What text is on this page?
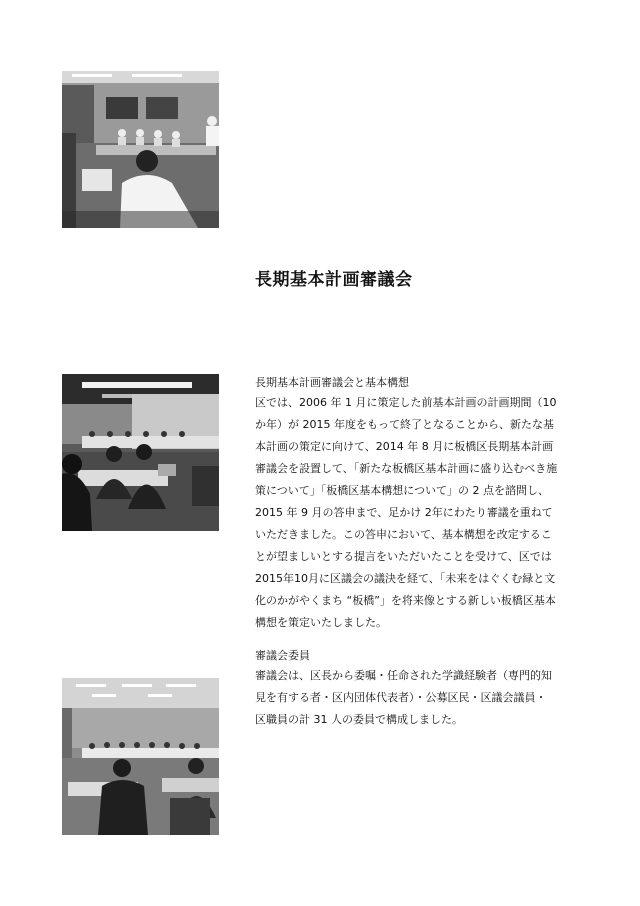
長期基本計画審議会
長期基本計画審議会と基本構想

区では、2006 年 1 月に策定した前基本計画の計画期間（10
か年）が 2015 年度をもって終了となることから、新たな基
本計画の策定に向けて、2014 年 8 月に板橋区長期基本計画
審議会を設置して、「新たな板橋区基本計画に盛り込むべき施
策について」「板橋区基本構想について」の 2 点を諮問し、
2015 年 9 月の答申まで、足かけ 2年にわたり審議を重ねて
いただきました。この答申において、基本構想を改定するこ
とが望ましいとする提言をいただいたことを受けて、区では
2015年10月に区議会の議決を経て、「未来をはぐくむ緑と文
化のかがやくまち “板橋”」を将来像とする新しい板橋区基本
構想を策定いたしました。

審議会委員

審議会は、区長から委嘱・任命された学識経験者（専門的知
見を有する者・区内団体代表者）・公募区民・区議会議員・
区職員の計 31 人の委員で構成しました。
